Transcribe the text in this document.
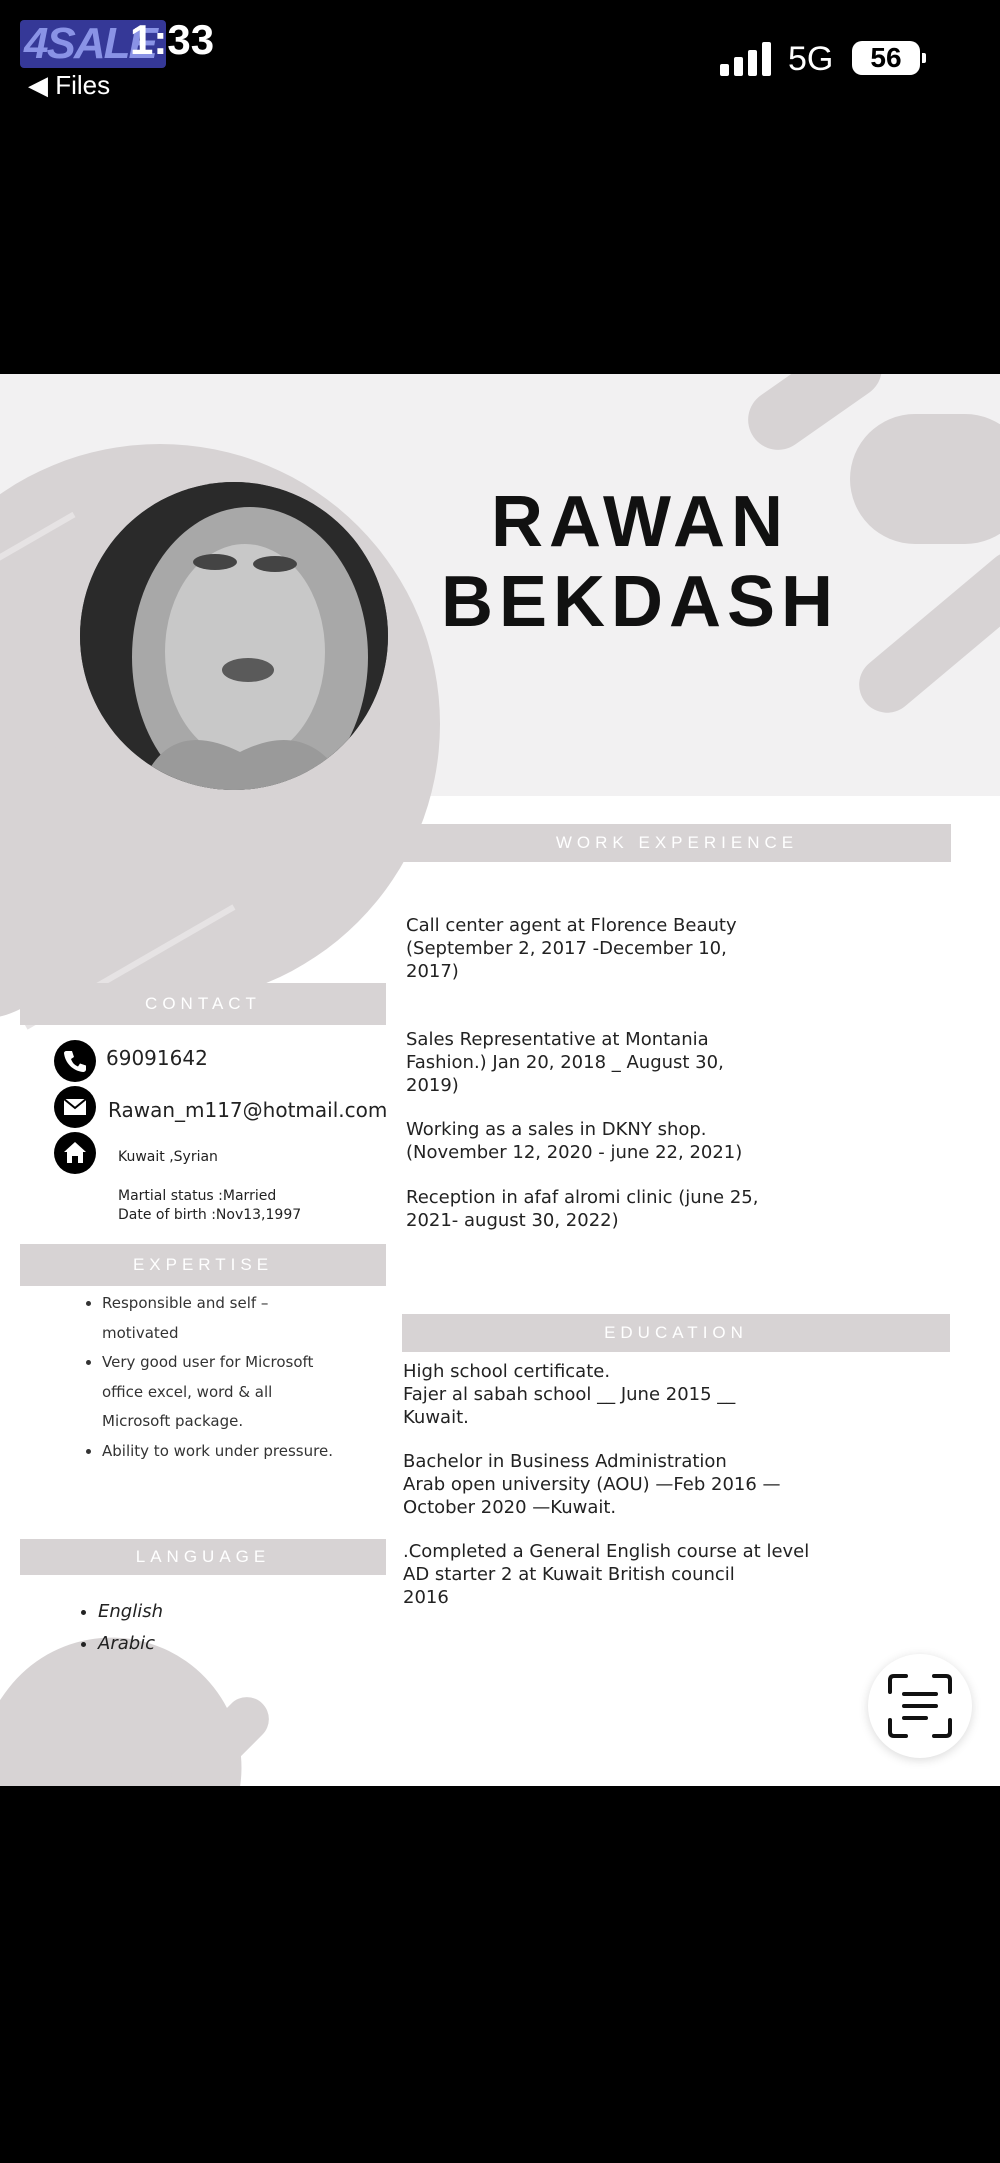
4SALE
1:33
◀ Files
5G	56
RAWAN
BEKDASH
WORK EXPERIENCE
Call center agent at Florence Beauty
(September 2, 2017 -December 10,
2017)
Sales Representative at Montania
Fashion.) Jan 20, 2018 _ August 30,
2019)
Working as a sales in DKNY shop.
(November 12, 2020 - june 22, 2021)
Reception in afaf alromi clinic (june 25,
2021- august 30, 2022)
CONTACT
69091642
Rawan_m117@hotmail.com
Kuwait ,Syrian
Martial status :Married
Date of birth :Nov13,1997
EXPERTISE
• Responsible and self – motivated
• Very good user for Microsoft office excel, word & all Microsoft package.
• Ability to work under pressure.
LANGUAGE
• English
• Arabic
EDUCATION
High school certificate.
Fajer al sabah school __ June 2015 __
Kuwait.
Bachelor in Business Administration
Arab open university (AOU) —Feb 2016 —
October 2020 —Kuwait.
.Completed a General English course at level
AD starter 2 at Kuwait British council
2016
